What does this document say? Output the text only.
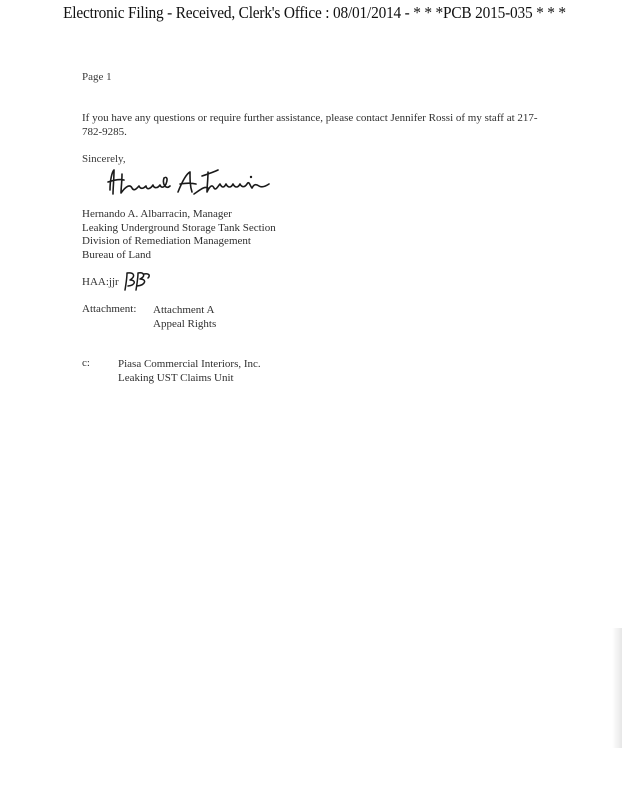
Electronic Filing - Received, Clerk's Office : 08/01/2014 - * * *PCB 2015-035 * * *
Page 1
If you have any questions or require further assistance, please contact Jennifer Rossi of my staff at 217-782-9285.
Sincerely,
Hernando A. Albarracin, Manager
Leaking Underground Storage Tank Section
Division of Remediation Management
Bureau of Land
HAA:jjr
Attachment: Attachment A
Appeal Rights
c:	Piasa Commercial Interiors, Inc.
Leaking UST Claims Unit
